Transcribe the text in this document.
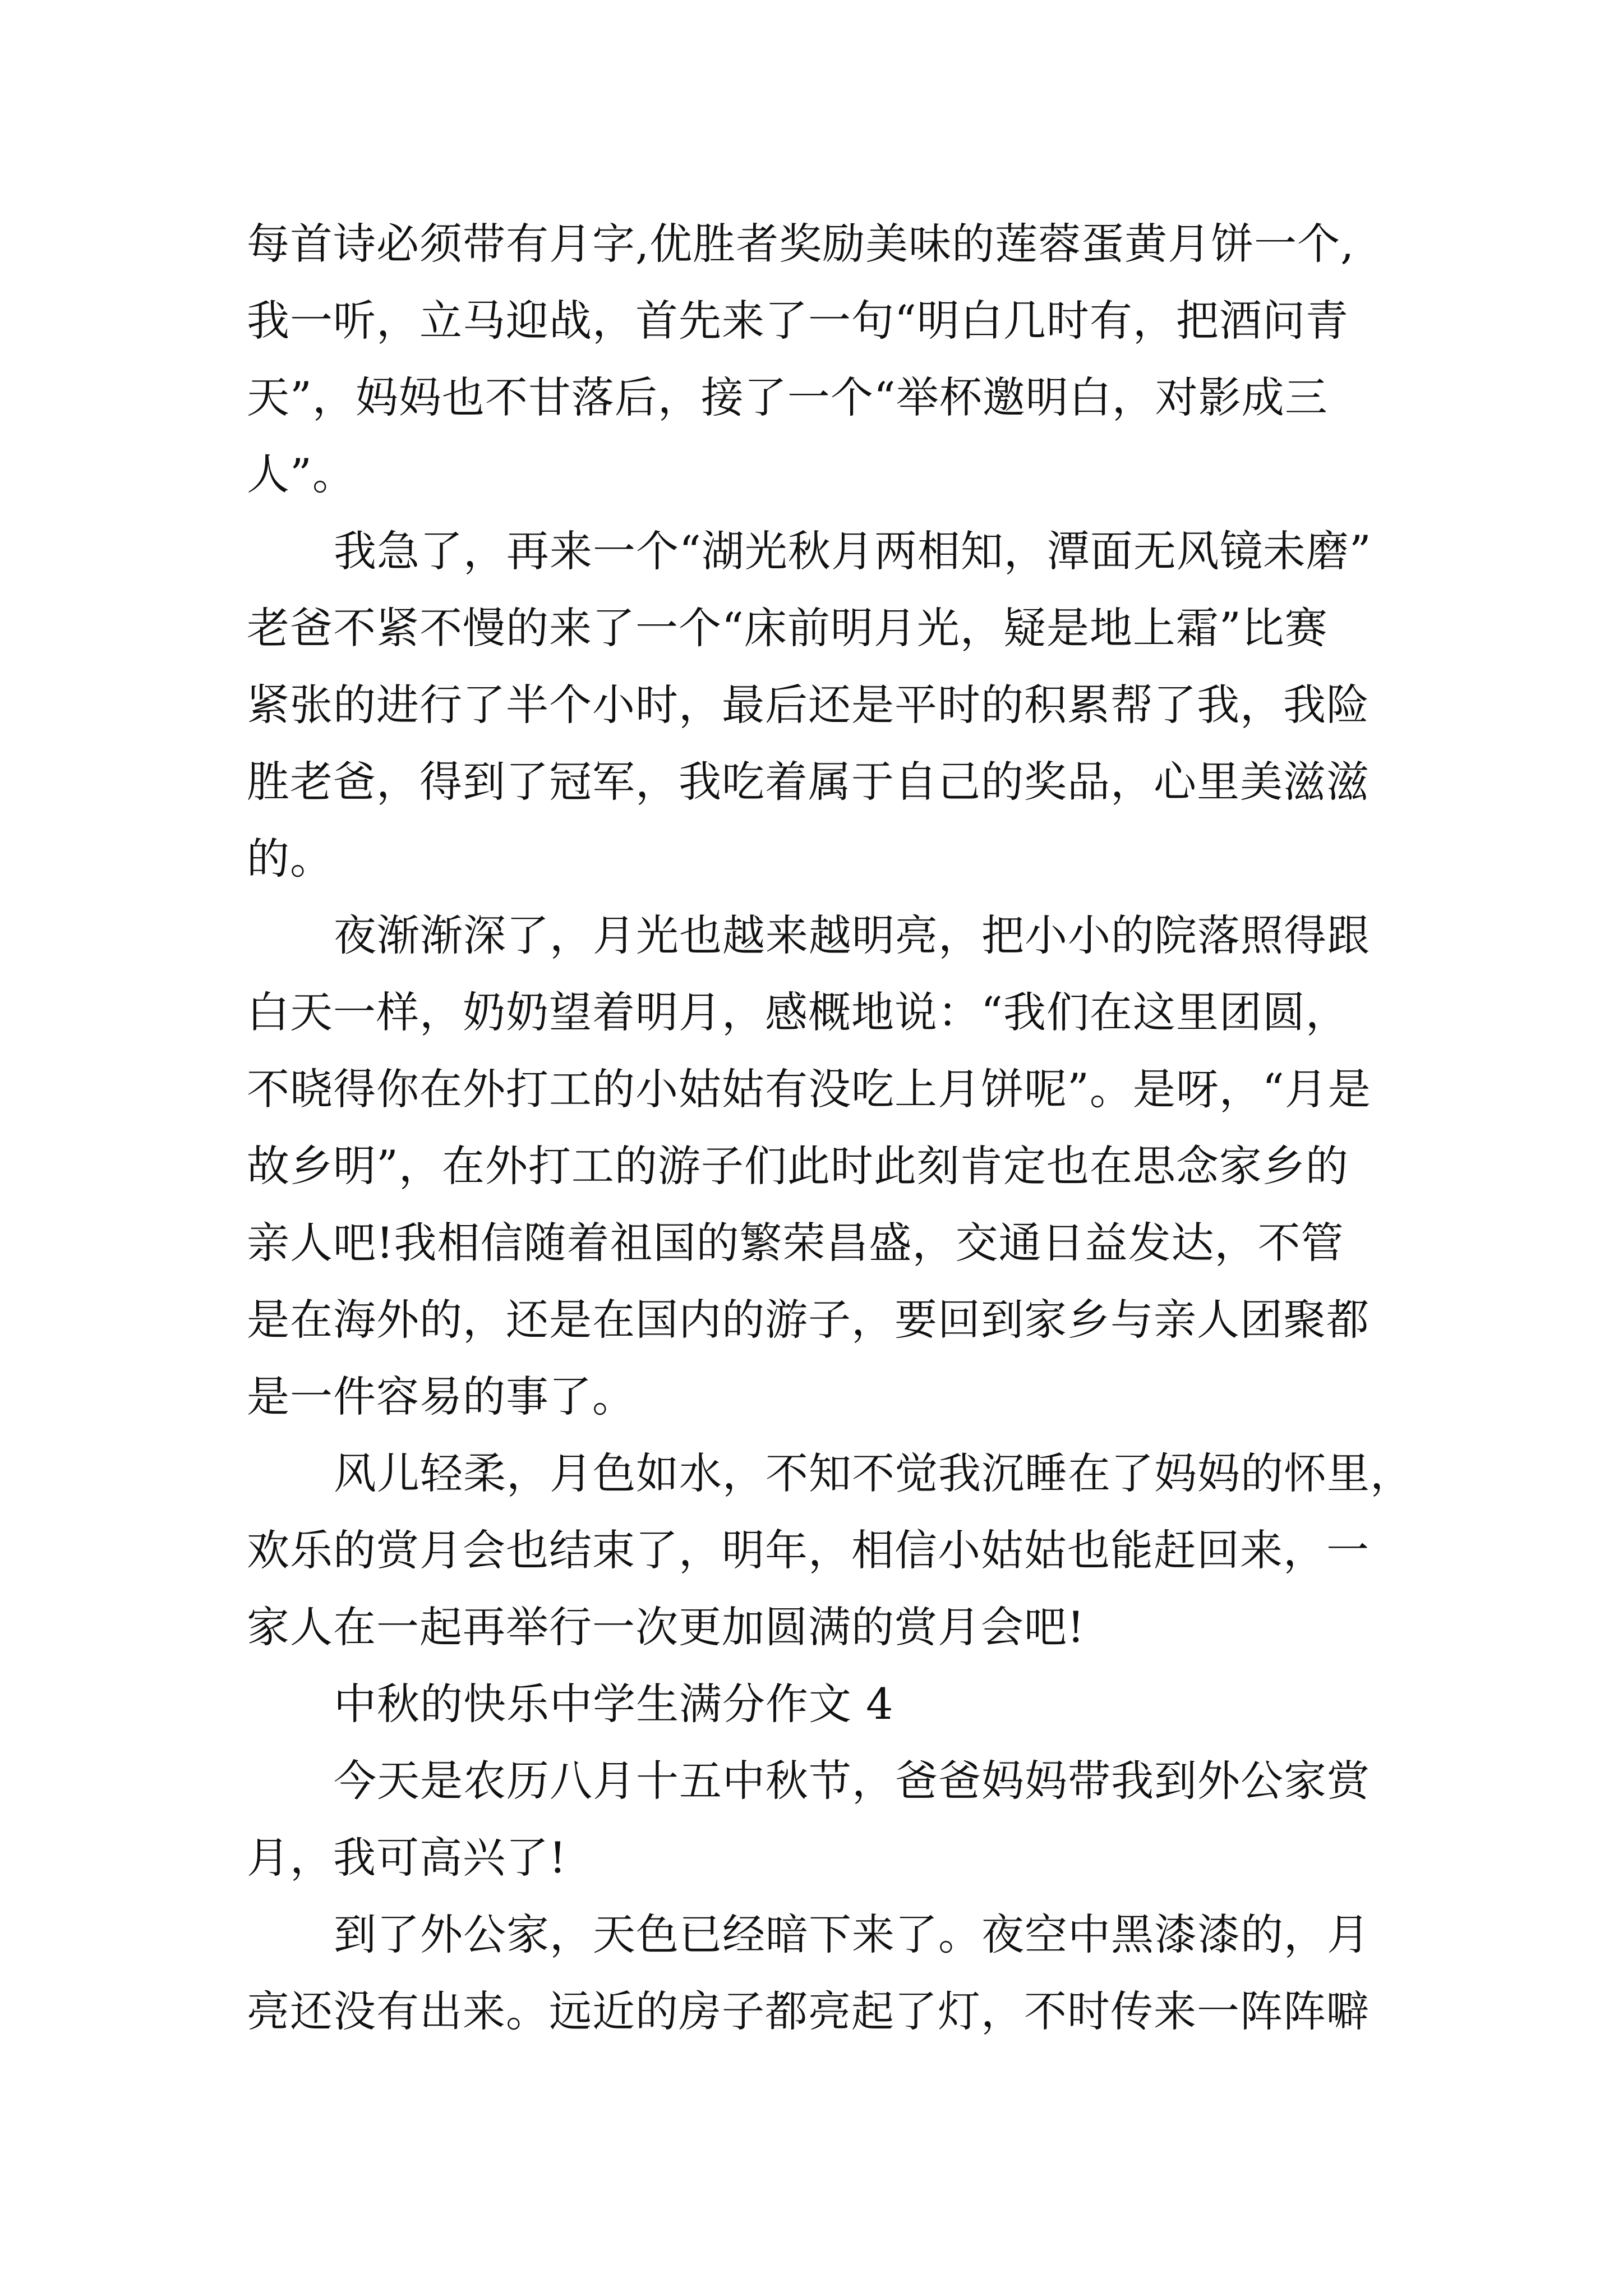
每首诗必须带有月字,优胜者奖励美味的莲蓉蛋黄月饼一个,
我一听，立马迎战，首先来了一句“明白几时有，把酒问青
天”，妈妈也不甘落后，接了一个“举杯邀明白，对影成三
人”。
我急了，再来一个“湖光秋月两相知，潭面无风镜未磨”
老爸不紧不慢的来了一个“床前明月光，疑是地上霜”比赛
紧张的进行了半个小时，最后还是平时的积累帮了我，我险
胜老爸，得到了冠军，我吃着属于自己的奖品，心里美滋滋
的。
夜渐渐深了，月光也越来越明亮，把小小的院落照得跟
白天一样，奶奶望着明月，感概地说：“我们在这里团圆，
不晓得你在外打工的小姑姑有没吃上月饼呢”。是呀，“月是
故乡明”，在外打工的游子们此时此刻肯定也在思念家乡的
亲人吧!我相信随着祖国的繁荣昌盛，交通日益发达，不管
是在海外的，还是在国内的游子，要回到家乡与亲人团聚都
是一件容易的事了。
风儿轻柔，月色如水，不知不觉我沉睡在了妈妈的怀里，
欢乐的赏月会也结束了，明年，相信小姑姑也能赶回来，一
家人在一起再举行一次更加圆满的赏月会吧!
中秋的快乐中学生满分作文 4
今天是农历八月十五中秋节，爸爸妈妈带我到外公家赏
月，我可高兴了!
到了外公家，天色已经暗下来了。夜空中黑漆漆的，月
亮还没有出来。远近的房子都亮起了灯，不时传来一阵阵噼
